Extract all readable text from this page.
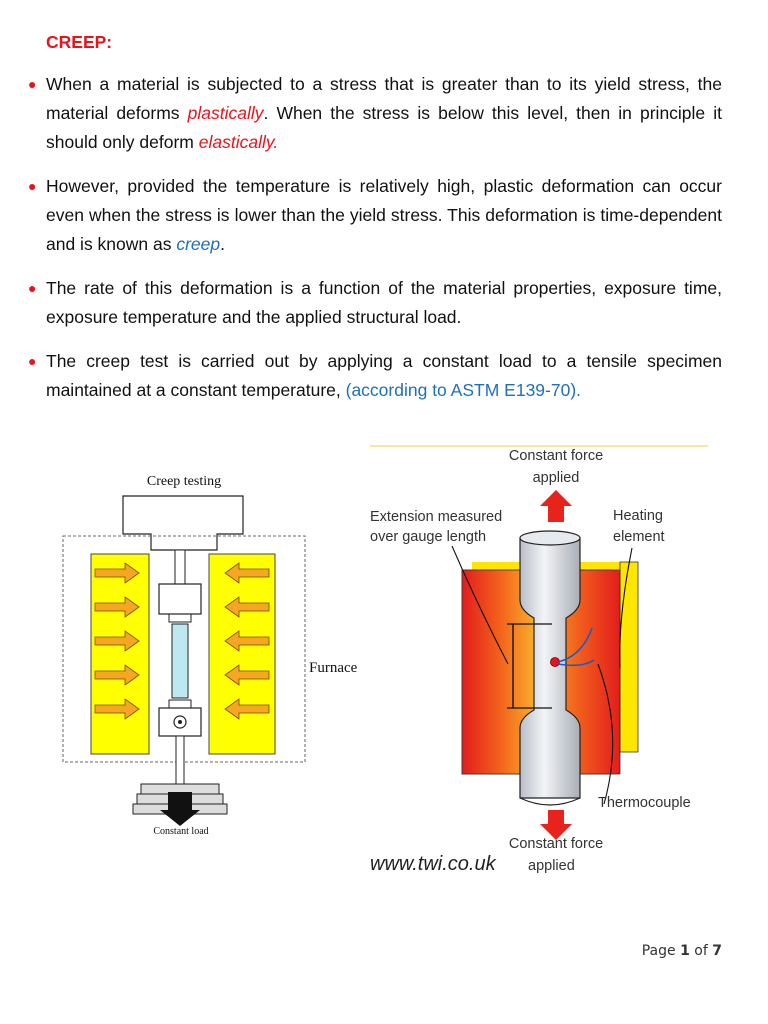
CREEP:
● When a material is subjected to a stress that is greater than to its yield stress, the material deforms plastically. When the stress is below this level, then in principle it should only deform elastically.
● However, provided the temperature is relatively high, plastic deformation can occur even when the stress is lower than the yield stress. This deformation is time-dependent and is known as creep.
● The rate of this deformation is a function of the material properties, exposure time, exposure temperature and the applied structural load.
● The creep test is carried out by applying a constant load to a tensile specimen maintained at a constant temperature, (according to ASTM E139-70).
Creep testing
Constant load
Furnace
Constant force
applied
Extension measured
over gauge length
Heating
element
Thermocouple
Constant force
applied
www.twi.co.uk
Page 1 of 7
